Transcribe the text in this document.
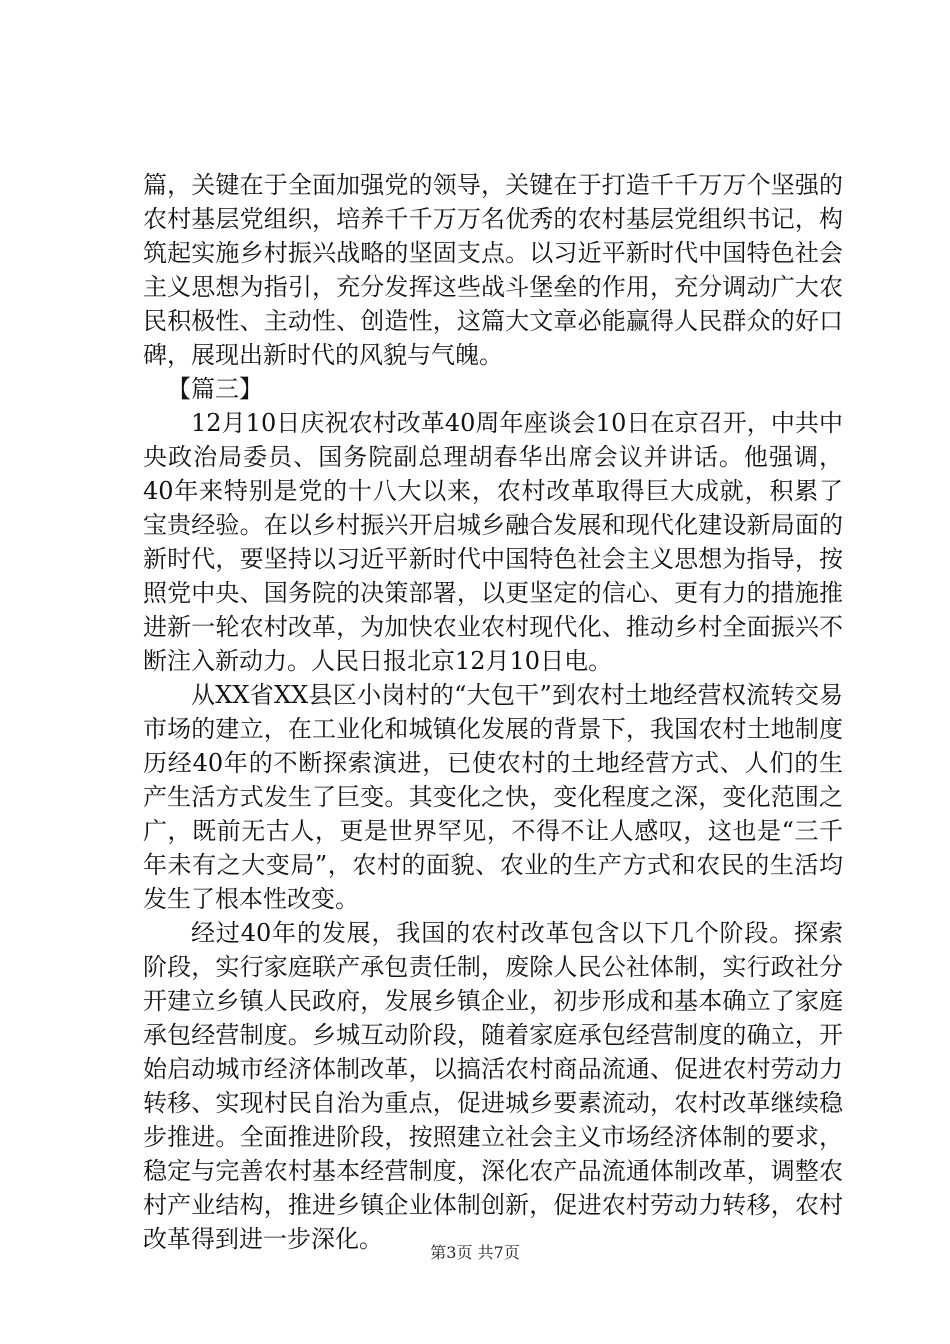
篇，关键在于全面加强党的领导，关键在于打造千千万万个坚强的农村基层党组织，培养千千万万名优秀的农村基层党组织书记，构筑起实施乡村振兴战略的坚固支点。以习近平新时代中国特色社会主义思想为指引，充分发挥这些战斗堡垒的作用，充分调动广大农民积极性、主动性、创造性，这篇大文章必能赢得人民群众的好口碑，展现出新时代的风貌与气魄。

【篇三】

12月10日庆祝农村改革40周年座谈会10日在京召开，中共中央政治局委员、国务院副总理胡春华出席会议并讲话。他强调，40年来特别是党的十八大以来，农村改革取得巨大成就，积累了宝贵经验。在以乡村振兴开启城乡融合发展和现代化建设新局面的新时代，要坚持以习近平新时代中国特色社会主义思想为指导，按照党中央、国务院的决策部署，以更坚定的信心、更有力的措施推进新一轮农村改革，为加快农业农村现代化、推动乡村全面振兴不断注入新动力。人民日报北京12月10日电。

从XX省XX县区小岗村的“大包干”到农村土地经营权流转交易市场的建立，在工业化和城镇化发展的背景下，我国农村土地制度历经40年的不断探索演进，已使农村的土地经营方式、人们的生产生活方式发生了巨变。其变化之快，变化程度之深，变化范围之广，既前无古人，更是世界罕见，不得不让人感叹，这也是“三千年未有之大变局”，农村的面貌、农业的生产方式和农民的生活均发生了根本性改变。

经过40年的发展，我国的农村改革包含以下几个阶段。探索阶段，实行家庭联产承包责任制，废除人民公社体制，实行政社分开建立乡镇人民政府，发展乡镇企业，初步形成和基本确立了家庭承包经营制度。乡城互动阶段，随着家庭承包经营制度的确立，开始启动城市经济体制改革，以搞活农村商品流通、促进农村劳动力转移、实现村民自治为重点，促进城乡要素流动，农村改革继续稳步推进。全面推进阶段，按照建立社会主义市场经济体制的要求，稳定与完善农村基本经营制度，深化农产品流通体制改革，调整农村产业结构，推进乡镇企业体制创新，促进农村劳动力转移，农村改革得到进一步深化。	第3页 共7页
